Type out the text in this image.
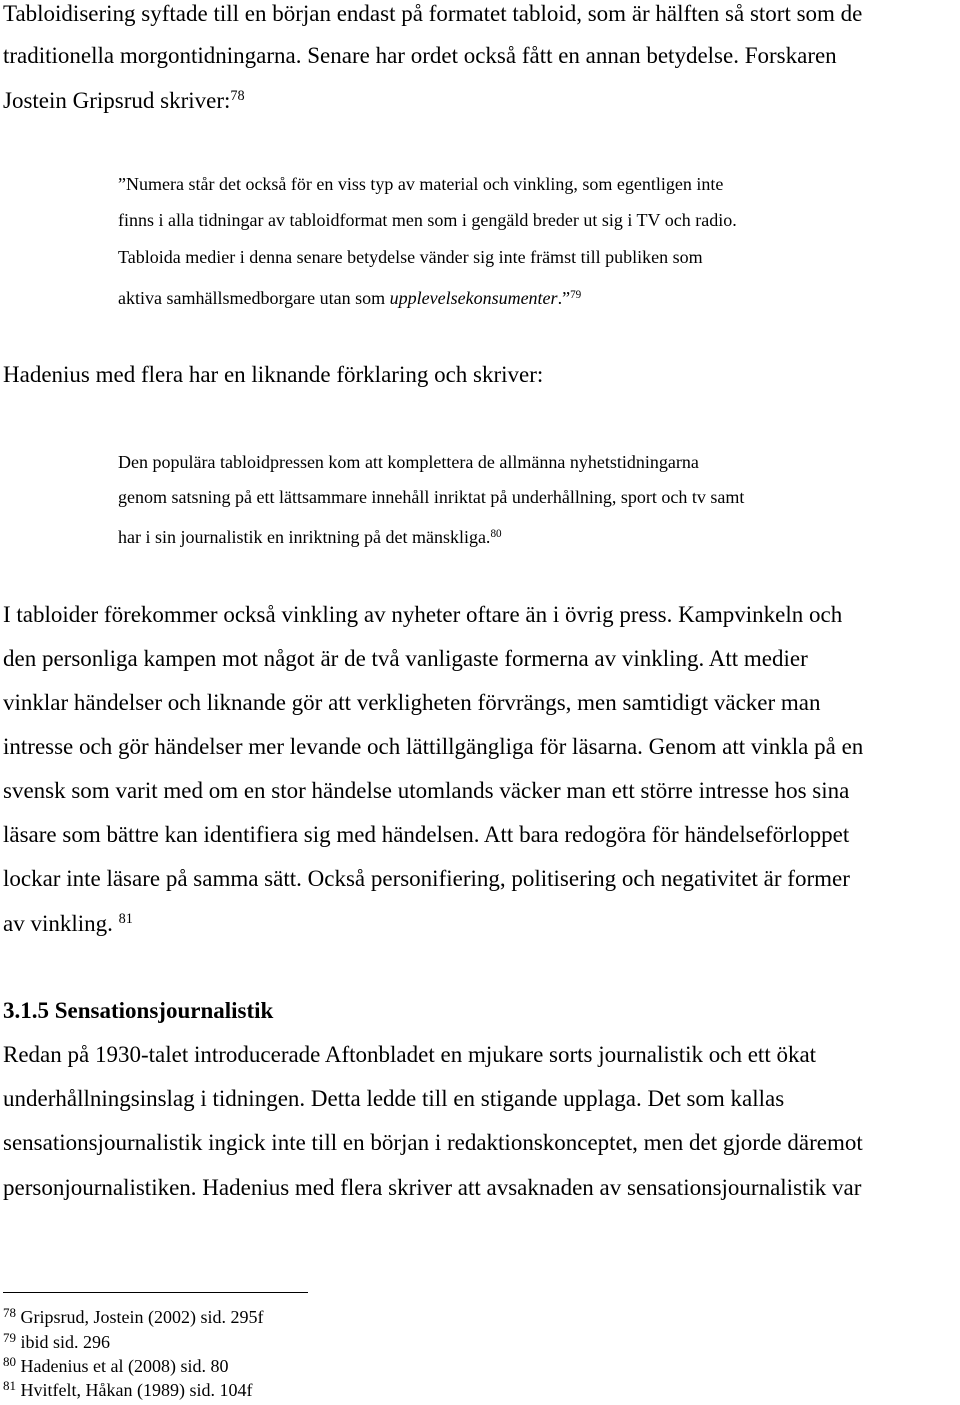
Tabloidisering syftade till en början endast på formatet tabloid, som är hälften så stort som de
traditionella morgontidningarna. Senare har ordet också fått en annan betydelse. Forskaren
Jostein Gripsrud skriver:$^{78}$
”Numera står det också för en viss typ av material och vinkling, som egentligen inte
finns i alla tidningar av tabloidformat men som i gengäld breder ut sig i TV och radio.
Tabloida medier i denna senare betydelse vänder sig inte främst till publiken som
aktiva samhällsmedborgare utan som upplevelsekonsumenter.”$^{79}$
Hadenius med flera har en liknande förklaring och skriver:
Den populära tabloidpressen kom att komplettera de allmänna nyhetstidningarna
genom satsning på ett lättsammare innehåll inriktat på underhållning, sport och tv samt
har i sin journalistik en inriktning på det mänskliga.$^{80}$
I tabloider förekommer också vinkling av nyheter oftare än i övrig press. Kampvinkeln och
den personliga kampen mot något är de två vanligaste formerna av vinkling. Att medier
vinklar händelser och liknande gör att verkligheten förvrängs, men samtidigt väcker man
intresse och gör händelser mer levande och lättillgängliga för läsarna. Genom att vinkla på en
svensk som varit med om en stor händelse utomlands väcker man ett större intresse hos sina
läsare som bättre kan identifiera sig med händelsen. Att bara redogöra för händelseförloppet
lockar inte läsare på samma sätt. Också personifiering, politisering och negativitet är former
av vinkling. $^{81}$
3.1.5 Sensationsjournalistik
Redan på 1930-talet introducerade Aftonbladet en mjukare sorts journalistik och ett ökat
underhållningsinslag i tidningen. Detta ledde till en stigande upplaga. Det som kallas
sensationsjournalistik ingick inte till en början i redaktionskonceptet, men det gjorde däremot
personjournalistiken. Hadenius med flera skriver att avsaknaden av sensationsjournalistik var
$^{78}$ Gripsrud, Jostein (2002) sid. 295f
$^{79}$ ibid sid. 296
$^{80}$ Hadenius et al (2008) sid. 80
$^{81}$ Hvitfelt, Håkan (1989) sid. 104f
